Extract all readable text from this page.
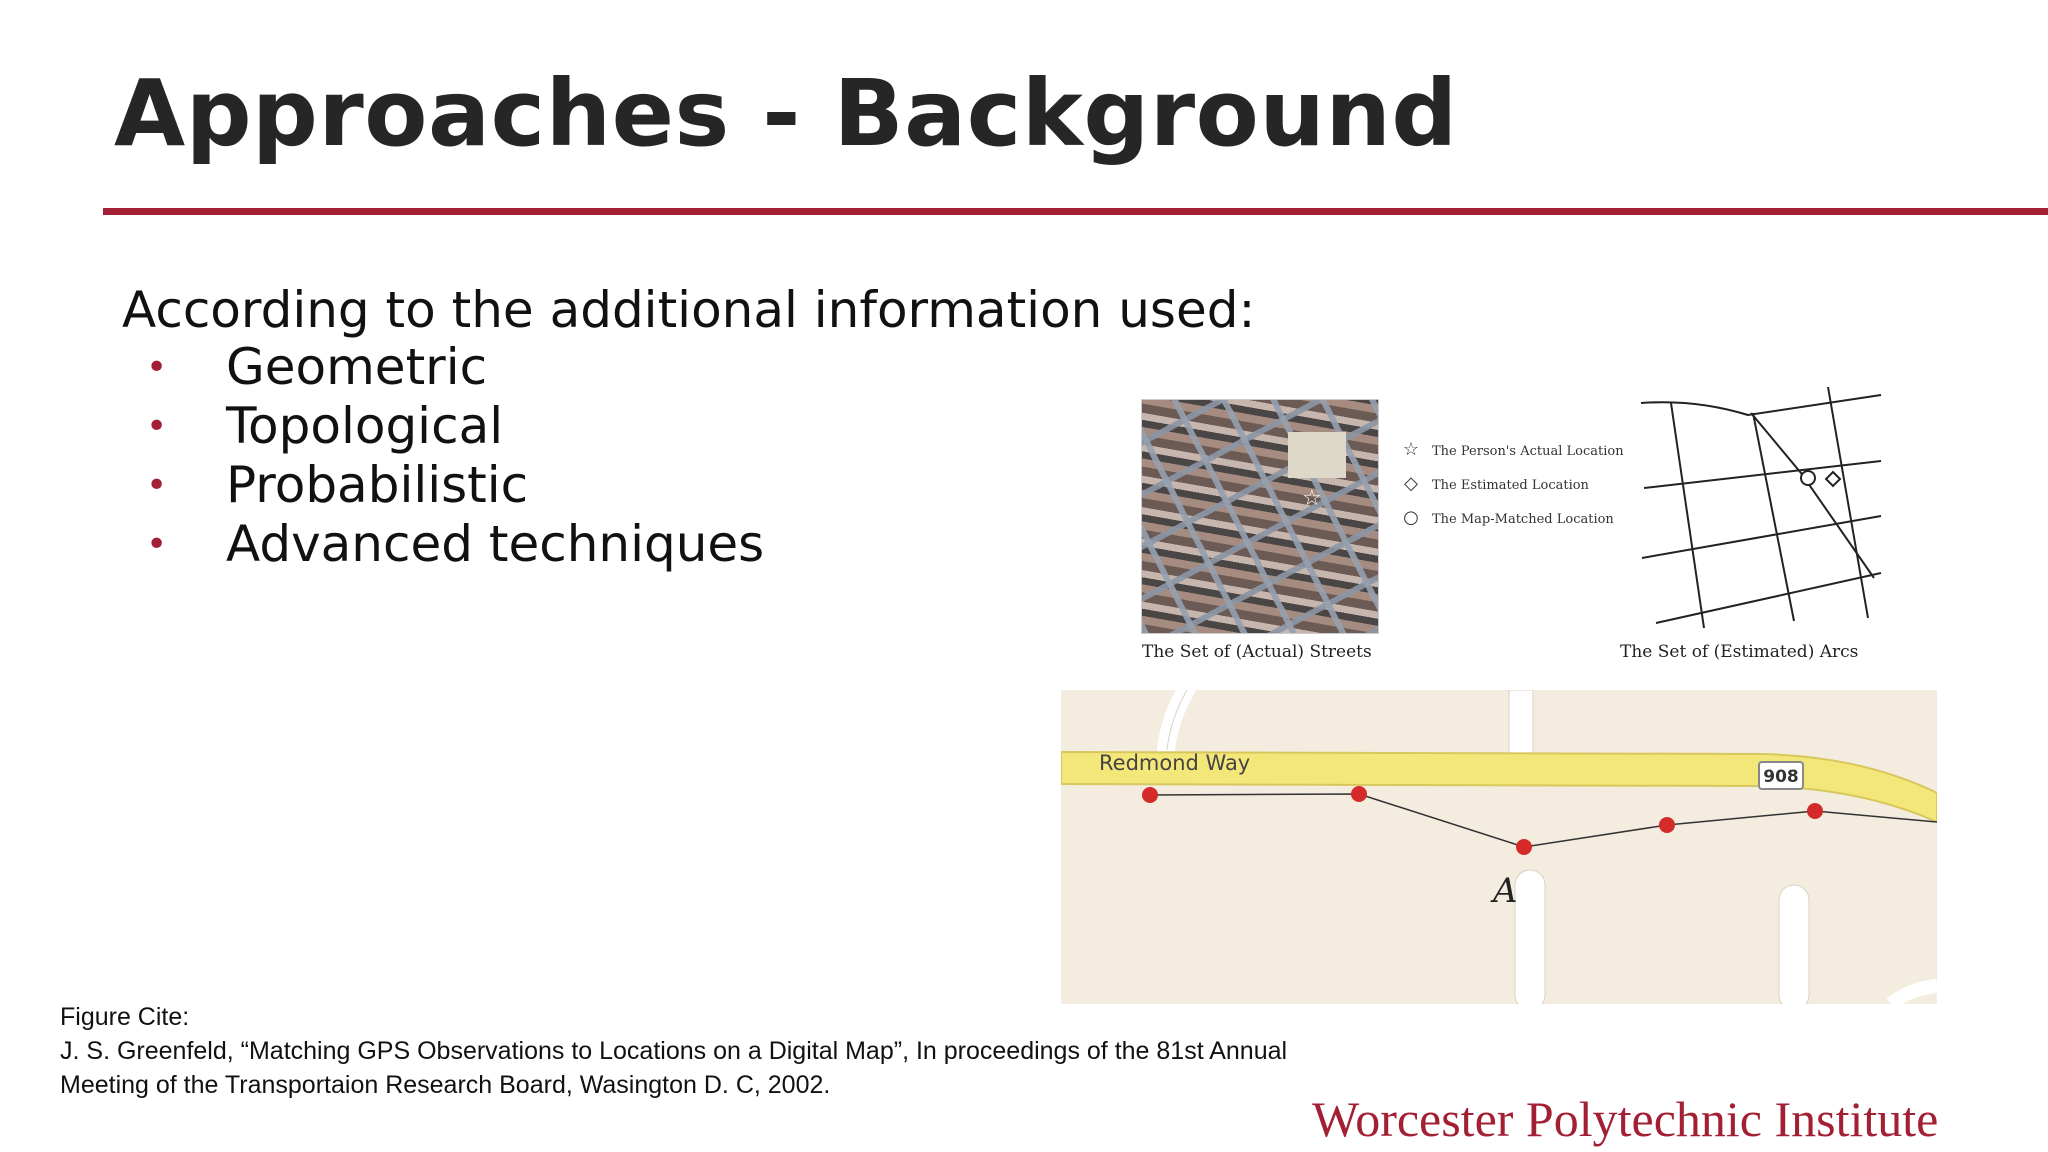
Approaches - Background
According to the additional information used:
• Geometric
• Topological
• Probabilistic
• Advanced techniques
☆
☆ The Person's Actual Location
◇	The Estimated Location
○ The Map-Matched Location
The Set of (Actual) Streets	The Set of (Estimated) Arcs
Redmond Way
908
A
Figure Cite:
J. S. Greenfeld, “Matching GPS Observations to Locations on a Digital Map”, In proceedings of the 81st Annual
Meeting of the Transportaion Research Board, Wasington D. C, 2002.
Worcester Polytechnic Institute
